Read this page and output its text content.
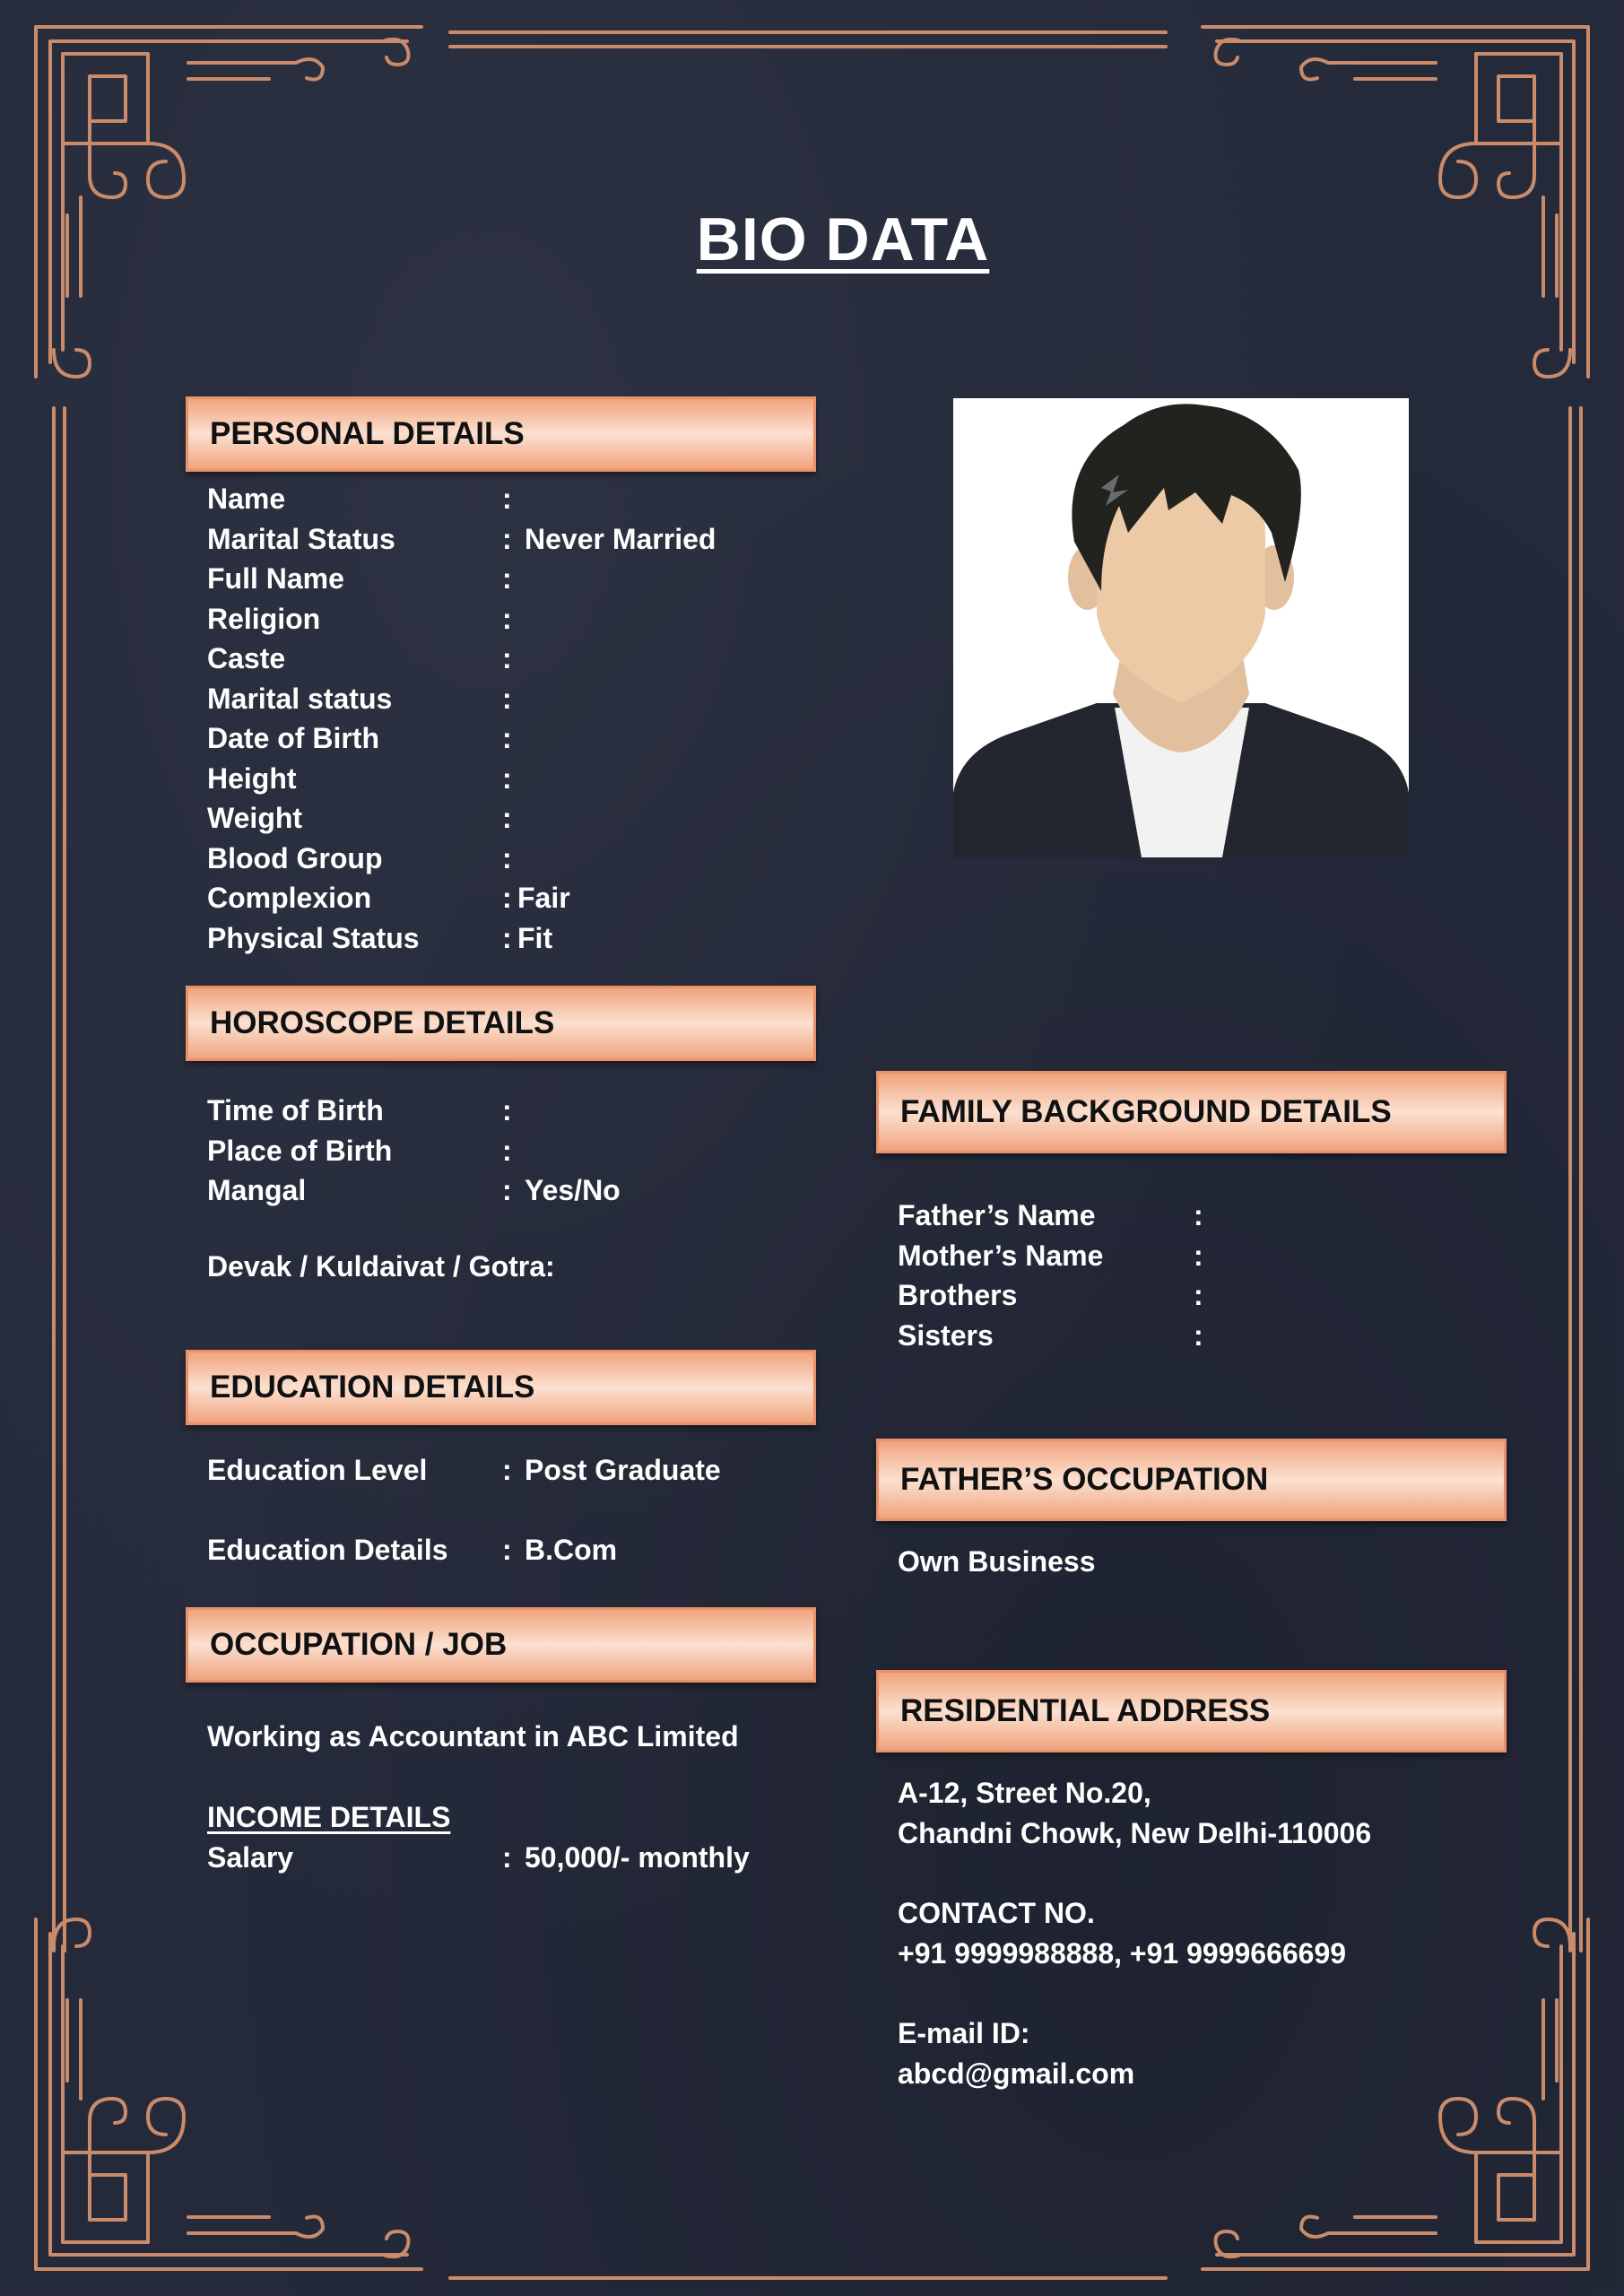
BIO DATA
PERSONAL DETAILS
Name	:
Marital Status	: Never Married
Full Name	:
Religion	:
Caste	:
Marital status	:
Date of Birth	:
Height	:
Weight	:
Blood Group	:
Complexion	: Fair
Physical Status	: Fit
HOROSCOPE DETAILS
Time of Birth	:
Place of Birth	:
Mangal	: Yes/No
Devak / Kuldaivat / Gotra:
EDUCATION DETAILS
Education Level	: Post Graduate
Education Details : B.Com
OCCUPATION / JOB
Working as Accountant in ABC Limited
INCOME DETAILS
Salary	: 50,000/- monthly
FAMILY BACKGROUND DETAILS
Father’s Name	:
Mother’s Name	:
Brothers	:
Sisters	:
FATHER’S OCCUPATION
Own Business
RESIDENTIAL ADDRESS
A-12, Street No.20,
Chandni Chowk, New Delhi-110006
CONTACT NO.
+91 9999988888, +91 9999666699
E-mail ID:
abcd@gmail.com
